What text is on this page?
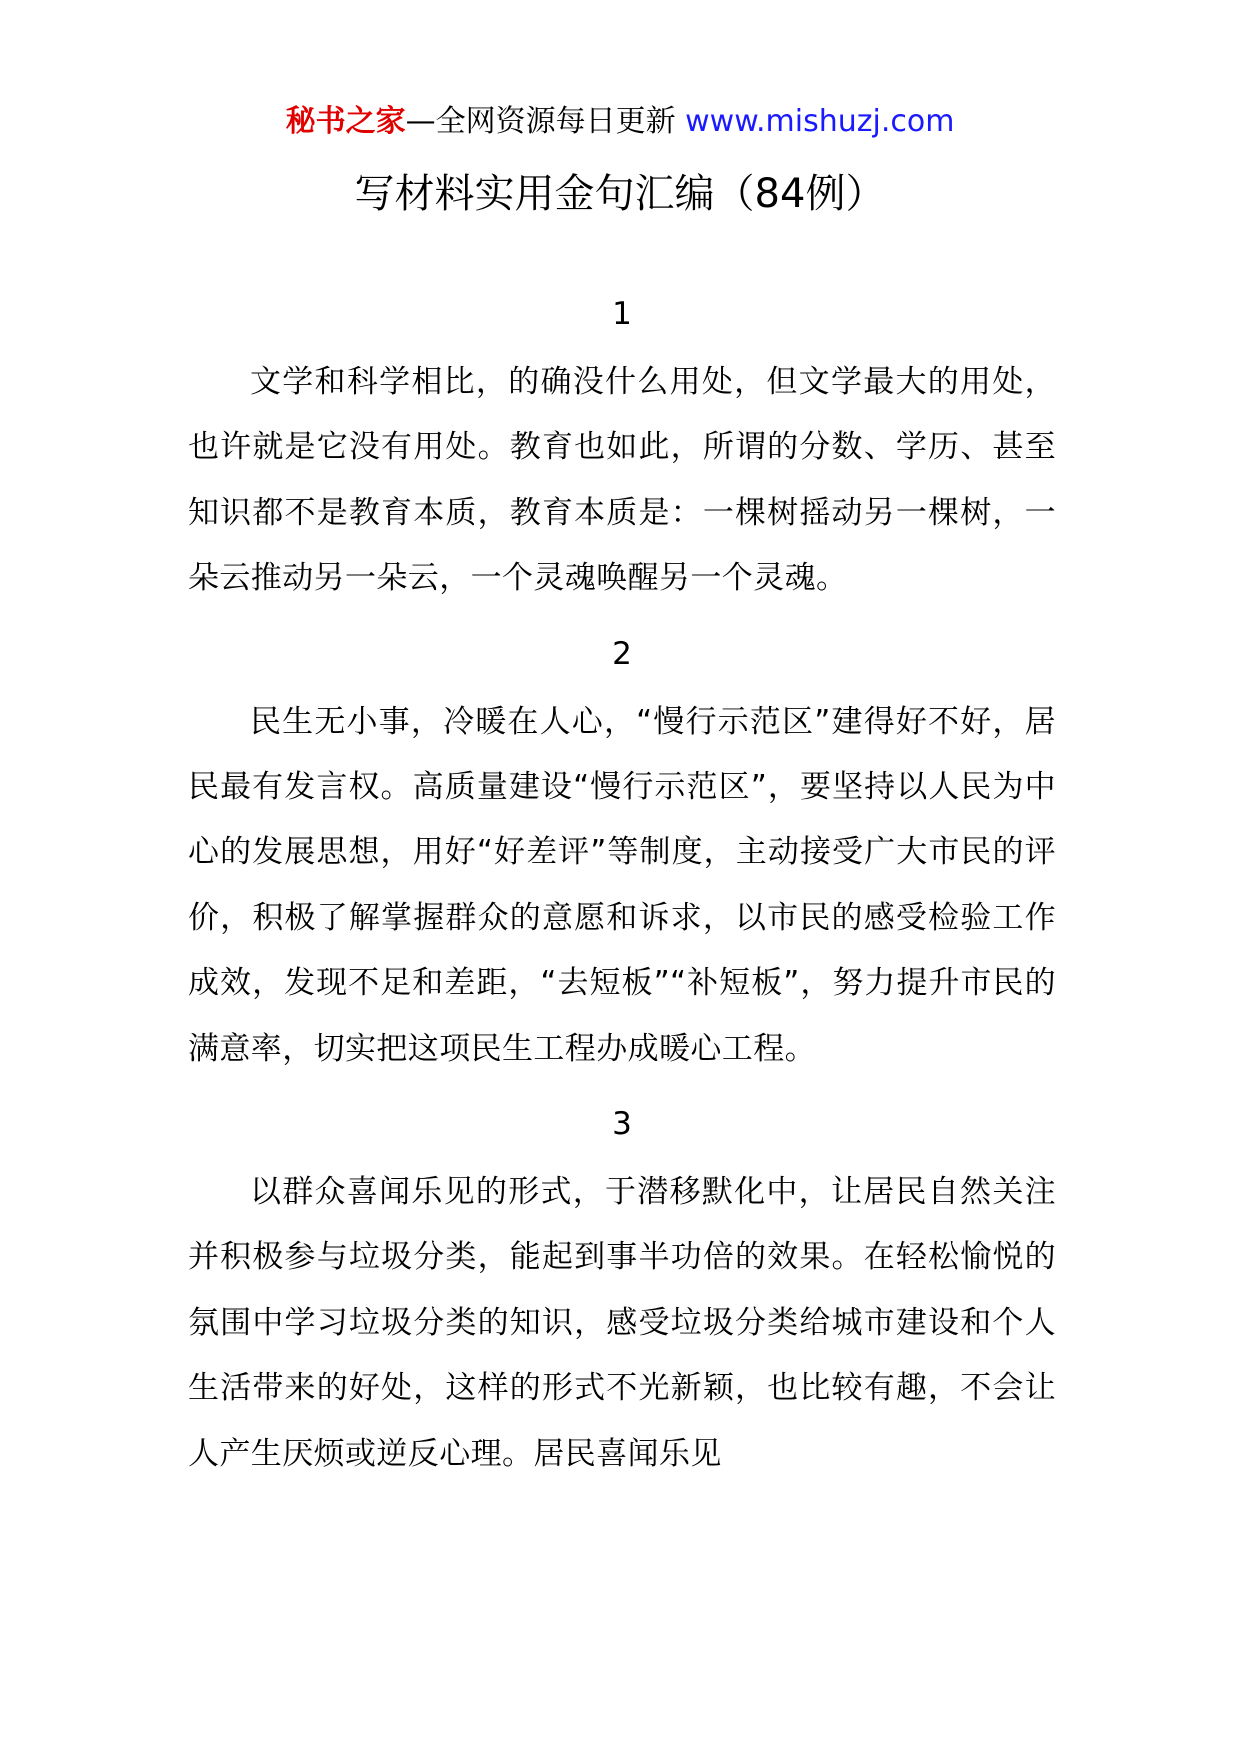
秘书之家—全网资源每日更新 www.mishuzj.com
写材料实用金句汇编（84例）
1

文学和科学相比，的确没什么用处，但文学最大的用处，也许就是它没有用处。教育也如此，所谓的分数、学历、甚至知识都不是教育本质，教育本质是：一棵树摇动另一棵树，一朵云推动另一朵云，一个灵魂唤醒另一个灵魂。

2

民生无小事，冷暖在人心，“慢行示范区”建得好不好，居民最有发言权。高质量建设“慢行示范区”，要坚持以人民为中心的发展思想，用好“好差评”等制度，主动接受广大市民的评价，积极了解掌握群众的意愿和诉求，以市民的感受检验工作成效，发现不足和差距，“去短板”“补短板”，努力提升市民的满意率，切实把这项民生工程办成暖心工程。

3

以群众喜闻乐见的形式，于潜移默化中，让居民自然关注并积极参与垃圾分类，能起到事半功倍的效果。在轻松愉悦的氛围中学习垃圾分类的知识，感受垃圾分类给城市建设和个人生活带来的好处，这样的形式不光新颖，也比较有趣，不会让人产生厌烦或逆反心理。居民喜闻乐见
